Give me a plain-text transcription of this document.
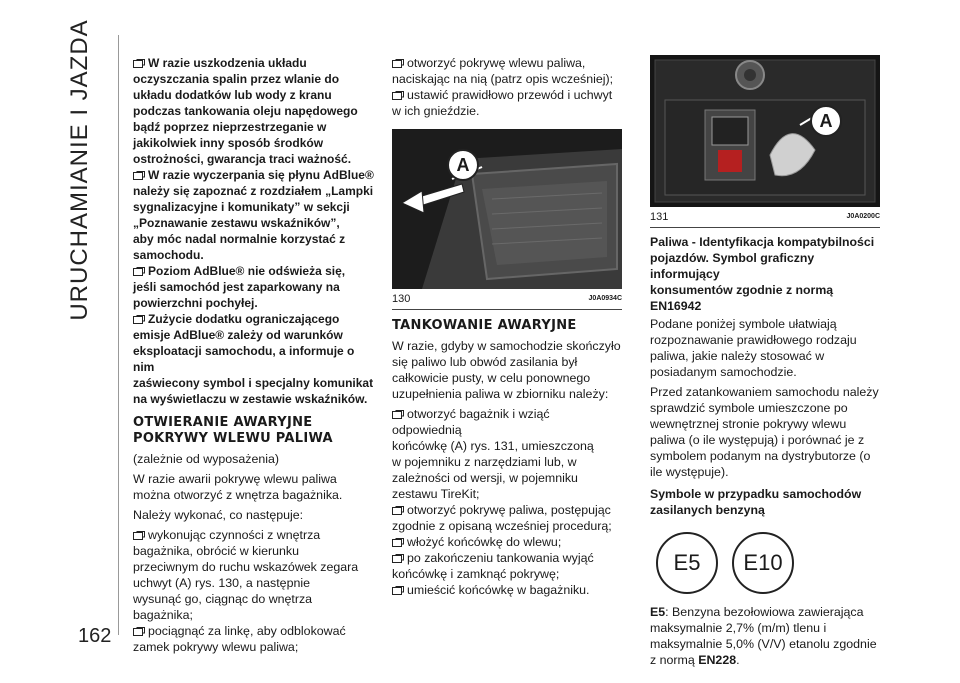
URUCHAMIANIE I JAZDA
162

W razie uszkodzenia układu
oczyszczania spalin przez wlanie do
układu dodatków lub wody z kranu
podczas tankowania oleju napędowego
bądź poprzez nieprzestrzeganie w
jakikolwiek inny sposób środków
ostrożności, gwarancja traci ważność.

W razie wyczerpania się płynu AdBlue®
należy się zapoznać z rozdziałem „Lampki
sygnalizacyjne i komunikaty” w sekcji
„Poznawanie zestawu wskaźników”,
aby móc nadal normalnie korzystać z
samochodu.

Poziom AdBlue® nie odświeża się,
jeśli samochód jest zaparkowany na
powierzchni pochyłej.

Zużycie dodatku ograniczającego
emisje AdBlue® zależy od warunków
eksploatacji samochodu, a informuje o nim
zaświecony symbol i specjalny komunikat
na wyświetlaczu w zestawie wskaźników.

OTWIERANIE AWARYJNE
POKRYWY WLEWU PALIWA

(zależnie od wyposażenia)

W razie awarii pokrywę wlewu paliwa
można otworzyć z wnętrza bagażnika.

Należy wykonać, co następuje:

wykonując czynności z wnętrza
bagażnika, obrócić w kierunku
przeciwnym do ruchu wskazówek zegara
uchwyt (A) rys. 130, a następnie
wysunąć go, ciągnąc do wnętrza
bagażnika;

pociągnąć za linkę, aby odblokować
zamek pokrywy wlewu paliwa;

otworzyć pokrywę wlewu paliwa,
naciskając na nią (patrz opis wcześniej);

ustawić prawidłowo przewód i uchwyt
w ich gnieździe.

A
130	J0A0934C
TANKOWANIE AWARYJNE

W razie, gdyby w samochodzie skończyło
się paliwo lub obwód zasilania był
całkowicie pusty, w celu ponownego
uzupełnienia paliwa w zbiorniku należy:

otworzyć bagażnik i wziąć odpowiednią
końcówkę (A) rys. 131, umieszczoną
w pojemniku z narzędziami lub, w
zależności od wersji, w pojemniku
zestawu TireKit;

otworzyć pokrywę paliwa, postępując
zgodnie z opisaną wcześniej procedurą;

włożyć końcówkę do wlewu;

po zakończeniu tankowania wyjąć
końcówkę i zamknąć pokrywę;

umieścić końcówkę w bagażniku.

A
131	J0A0200C

Paliwa - Identyfikacja kompatybilności
pojazdów. Symbol graficzny informujący
konsumentów zgodnie z normą EN16942

Podane poniżej symbole ułatwiają
rozpoznawanie prawidłowego rodzaju
paliwa, jakie należy stosować w
posiadanym samochodzie.

Przed zatankowaniem samochodu należy
sprawdzić symbole umieszczone po
wewnętrznej stronie pokrywy wlewu
paliwa (o ile występują) i porównać je z
symbolem podanym na dystrybutorze (o
ile występuje).

Symbole w przypadku samochodów
zasilanych benzyną

E5	E10

E5: Benzyna bezołowiowa zawierająca maksymalnie 2,7% (m/m) tlenu i maksymalnie 5,0% (V/V) etanolu zgodnie z normą EN228.
